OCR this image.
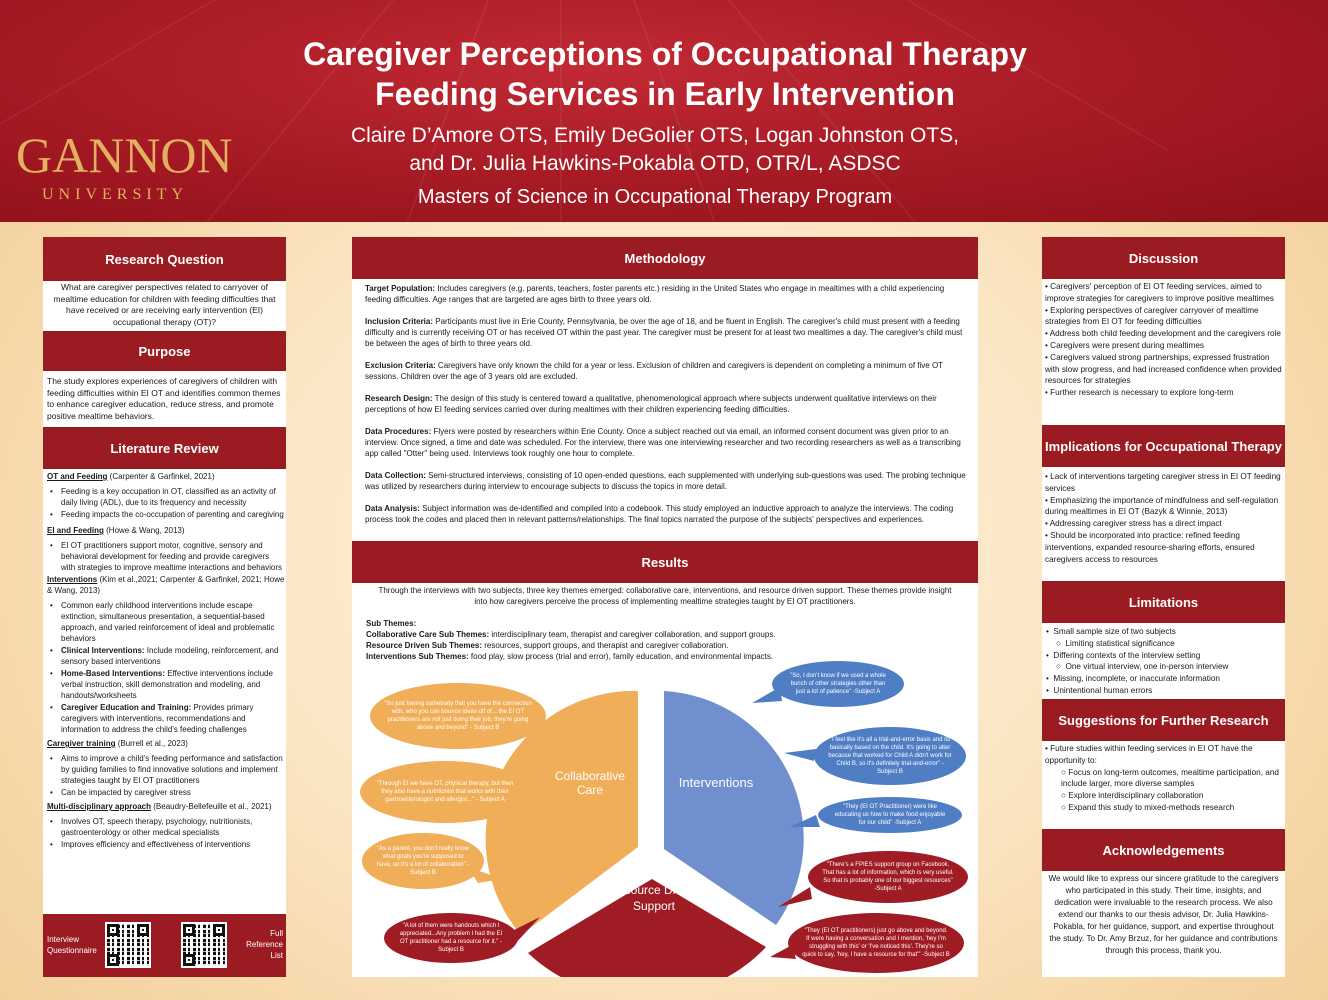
GANNON
UNIVERSITY
Caregiver Perceptions of Occupational Therapy
Feeding Services in Early Intervention
Claire D’Amore OTS, Emily DeGolier OTS, Logan Johnston OTS,
and Dr. Julia Hawkins-Pokabla OTD, OTR/L, ASDSC
Masters of Science in Occupational Therapy Program
Research Question
What are caregiver perspectives related to carryover of mealtime education for children with feeding difficulties that have received or are receiving early intervention (EI) occupational therapy (OT)?
Purpose
The study explores experiences of caregivers of children with feeding difficulties within EI OT and identifies common themes to enhance caregiver education, reduce stress, and promote positive mealtime behaviors.
Literature Review
OT and Feeding (Carpenter & Garfinkel, 2021)
• Feeding is a key occupation in OT, classified as an activity of daily living (ADL), due to its frequency and necessity
• Feeding impacts the co-occupation of parenting and caregiving
EI and Feeding (Howe & Wang, 2013)
• EI OT practitioners support motor, cognitive, sensory and behavioral development for feeding and provide caregivers with strategies to improve mealtime interactions and behaviors
Interventions (Kim et al.,2021; Carpenter & Garfinkel, 2021; Howe & Wang, 2013)
• Common early childhood interventions include escape extinction, simultaneous presentation, a sequential-based approach, and varied reinforcement of ideal and problematic behaviors
• Clinical Interventions: Include modeling, reinforcement, and sensory based interventions
• Home-Based Interventions: Effective interventions include verbal instruction, skill demonstration and modeling, and handouts/worksheets
• Caregiver Education and Training: Provides primary caregivers with interventions, recommendations and information to address the child’s feeding challenges
Caregiver training (Burrell et al., 2023)
• Aims to improve a child's feeding performance and satisfaction by guiding families to find innovative solutions and implement strategies taught by EI OT practitioners
• Can be impacted by caregiver stress
Multi-disciplinary approach (Beaudry-Bellefeuille et al., 2021)
• Involves OT, speech therapy, psychology, nutritionists, gastroenterology or other medical specialists
• Improves efficiency and effectiveness of interventions
Interview Questionnaire
Full Reference List
Methodology

Target Population: Includes caregivers (e.g. parents, teachers, foster parents etc.) residing in the United States who engage in mealtimes with a child experiencing feeding difficulties. Age ranges that are targeted are ages birth to three years old.

Inclusion Criteria: Participants must live in Erie County, Pennsylvania, be over the age of 18, and be fluent in English. The caregiver's child must present with a feeding difficulty and is currently receiving OT or has received OT within the past year. The caregiver must be present for at least two mealtimes a day. The caregiver's child must be between the ages of birth to three years old.

Exclusion Criteria: Caregivers have only known the child for a year or less. Exclusion of children and caregivers is dependent on completing a minimum of five OT sessions. Children over the age of 3 years old are excluded.

Research Design: The design of this study is centered toward a qualitative, phenomenological approach where subjects underwent qualitative interviews on their perceptions of how EI feeding services carried over during mealtimes with their children experiencing feeding difficulties.

Data Procedures: Flyers were posted by researchers within Erie County. Once a subject reached out via email, an informed consent document was given prior to an interview. Once signed, a time and date was scheduled. For the interview, there was one interviewing researcher and two recording researchers as well as a transcribing app called "Otter" being used. Interviews took roughly one hour to complete.

Data Collection: Semi-structured interviews, consisting of 10 open-ended questions, each supplemented with underlying sub-questions was used. The probing technique was utilized by researchers during interview to encourage subjects to discuss the topics in more detail.

Data Analysis: Subject information was de-identified and compiled into a codebook. This study employed an inductive approach to analyze the interviews. The coding process took the codes and placed then in relevant patterns/relationships. The final topics narrated the purpose of the subjects' perspectives and experiences.

Results
Through the interviews with two subjects, three key themes emerged: collaborative care, interventions, and resource driven support. These themes provide insight into how caregivers perceive the process of implementing mealtime strategies taught by EI OT practitioners.
Sub Themes:
Collaborative Care Sub Themes: interdisciplinary team, therapist and caregiver collaboration, and support groups.
Resource Driven Sub Themes: resources, support groups, and therapist and caregiver collaboration.
Interventions Sub Themes: food play, slow process (trial and error), family education, and environmental impacts.
Collaborative Care	Interventions
Resource Driven Support
"So just having somebody that you have the connection with, who you can bounce ideas off of... the EI OT practitioners are not just doing their job, they're going above and beyond" - Subject B
"Through EI we have OT, physical therapy, but then they also have a nutritionist that works with their gastroenterologist and allergist..." - Subject A
"As a parent, you don't really know what goals you're supposed to have, so it's a lot of collaboration" -Subject B
"So, I don't know if we used a whole bunch of other strategies other than just a lot of patience" -Subject A
"I feel like it's all a trial-and-error basis and its basically based on the child. It's going to alter because that worked for Child A didn't work for Child B, so it's definitely trial-and-error" -Subject B
"They (EI OT Practitioner) were like educating us how to make food enjoyable for our child" -Subject A
"There's a FPIES support group on Facebook. That has a lot of information, which is very useful. So that is probably one of our biggest resources" -Subject A
"A lot of them were handouts which I appreciated...Any problem I had the EI OT practitioner had a resource for it." -Subject B
"They (EI OT practitioners) just go above and beyond. If were having a conversation and I mention, 'hey I'm struggling with this' or 'I've noticed this'. They're so quick to say, 'hey, I have a resource for that'" -Subject B
Discussion
• Caregivers' perception of EI OT feeding services, aimed to improve strategies for caregivers to improve positive mealtimes
• Exploring perspectives of caregiver carryover of mealtime strategies from EI OT for feeding difficulties
• Address both child feeding development and the caregivers role
• Caregivers were present during mealtimes
• Caregivers valued strong partnerships, expressed frustration with slow progress, and had increased confidence when provided resources for strategies
• Further research is necessary to explore long-term
Implications for Occupational Therapy
• Lack of interventions targeting caregiver stress in EI OT feeding services
• Emphasizing the importance of mindfulness and self-regulation during mealtimes in EI OT (Bazyk & Winnie, 2013)
• Addressing caregiver stress has a direct impact
• Should be incorporated into practice: refined feeding interventions, expanded resource-sharing efforts, ensured caregivers access to resources
Limitations
•  Small sample size of two subjects
○  Limiting statistical significance
•  Differing contexts of the interview setting
○  One virtual interview, one in-person interview
•  Missing, incomplete, or inaccurate information
•  Unintentional human errors
Suggestions for Further Research
• Future studies within feeding services in EI OT have the opportunity to:
○ Focus on long-term outcomes, mealtime participation, and include larger, more diverse samples
○ Explore interdisciplinary collaboration
○ Expand this study to mixed-methods research
Acknowledgements
We would like to express our sincere gratitude to the caregivers who participated in this study. Their time, insights, and dedication were invaluable to the research process. We also extend our thanks to our thesis advisor, Dr. Julia Hawkins-Pokabla, for her guidance, support, and expertise throughout the study. To Dr. Amy Brzuz, for her guidance and contributions through this process, thank you.
